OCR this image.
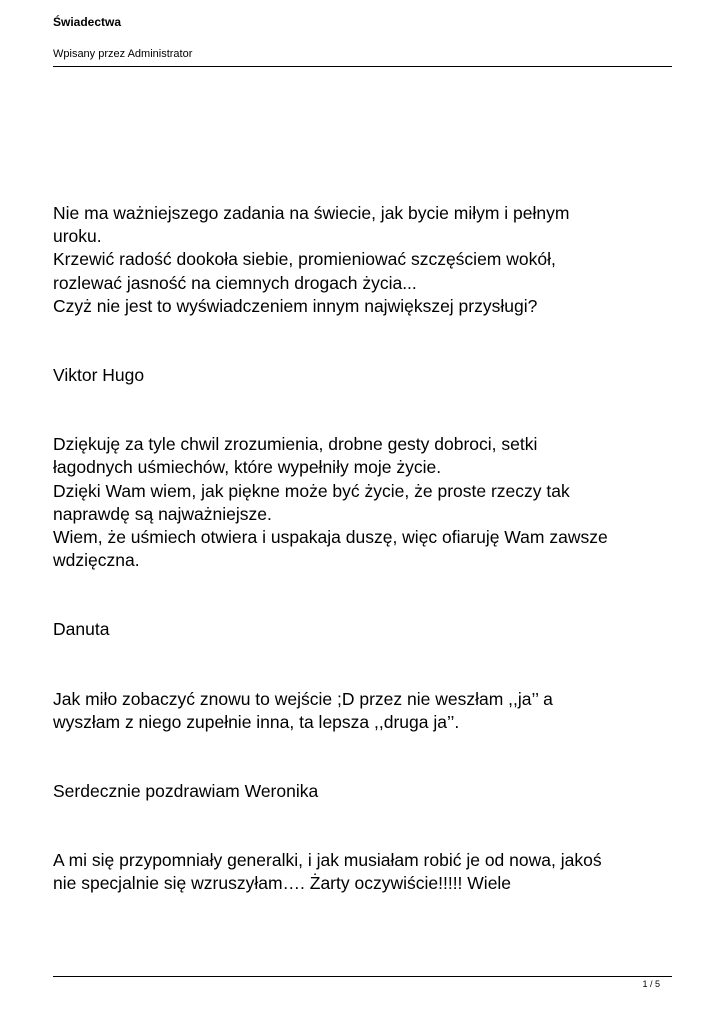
Świadectwa
Wpisany przez Administrator

Nie ma ważniejszego zadania na świecie, jak bycie miłym i pełnym
uroku.
Krzewić radość dookoła siebie, promieniować szczęściem wokół,
rozlewać jasność na ciemnych drogach życia...
Czyż nie jest to wyświadczeniem innym największej przysługi?

Viktor Hugo

Dziękuję za tyle chwil zrozumienia, drobne gesty dobroci, setki
łagodnych uśmiechów, które wypełniły moje życie.
Dzięki Wam wiem, jak piękne może być życie, że proste rzeczy tak
naprawdę są najważniejsze.
Wiem, że uśmiech otwiera i uspakaja duszę, więc ofiaruję Wam zawsze
wdzięczna.

Danuta

Jak miło zobaczyć znowu to wejście ;D przez nie weszłam ,,ja’’ a
wyszłam z niego zupełnie inna, ta lepsza ,,druga ja’’.

Serdecznie pozdrawiam Weronika

A mi się przypomniały generalki, i jak musiałam robić je od nowa, jakoś
nie specjalnie się wzruszyłam…. Żarty oczywiście!!!!! Wiele

1 / 5
